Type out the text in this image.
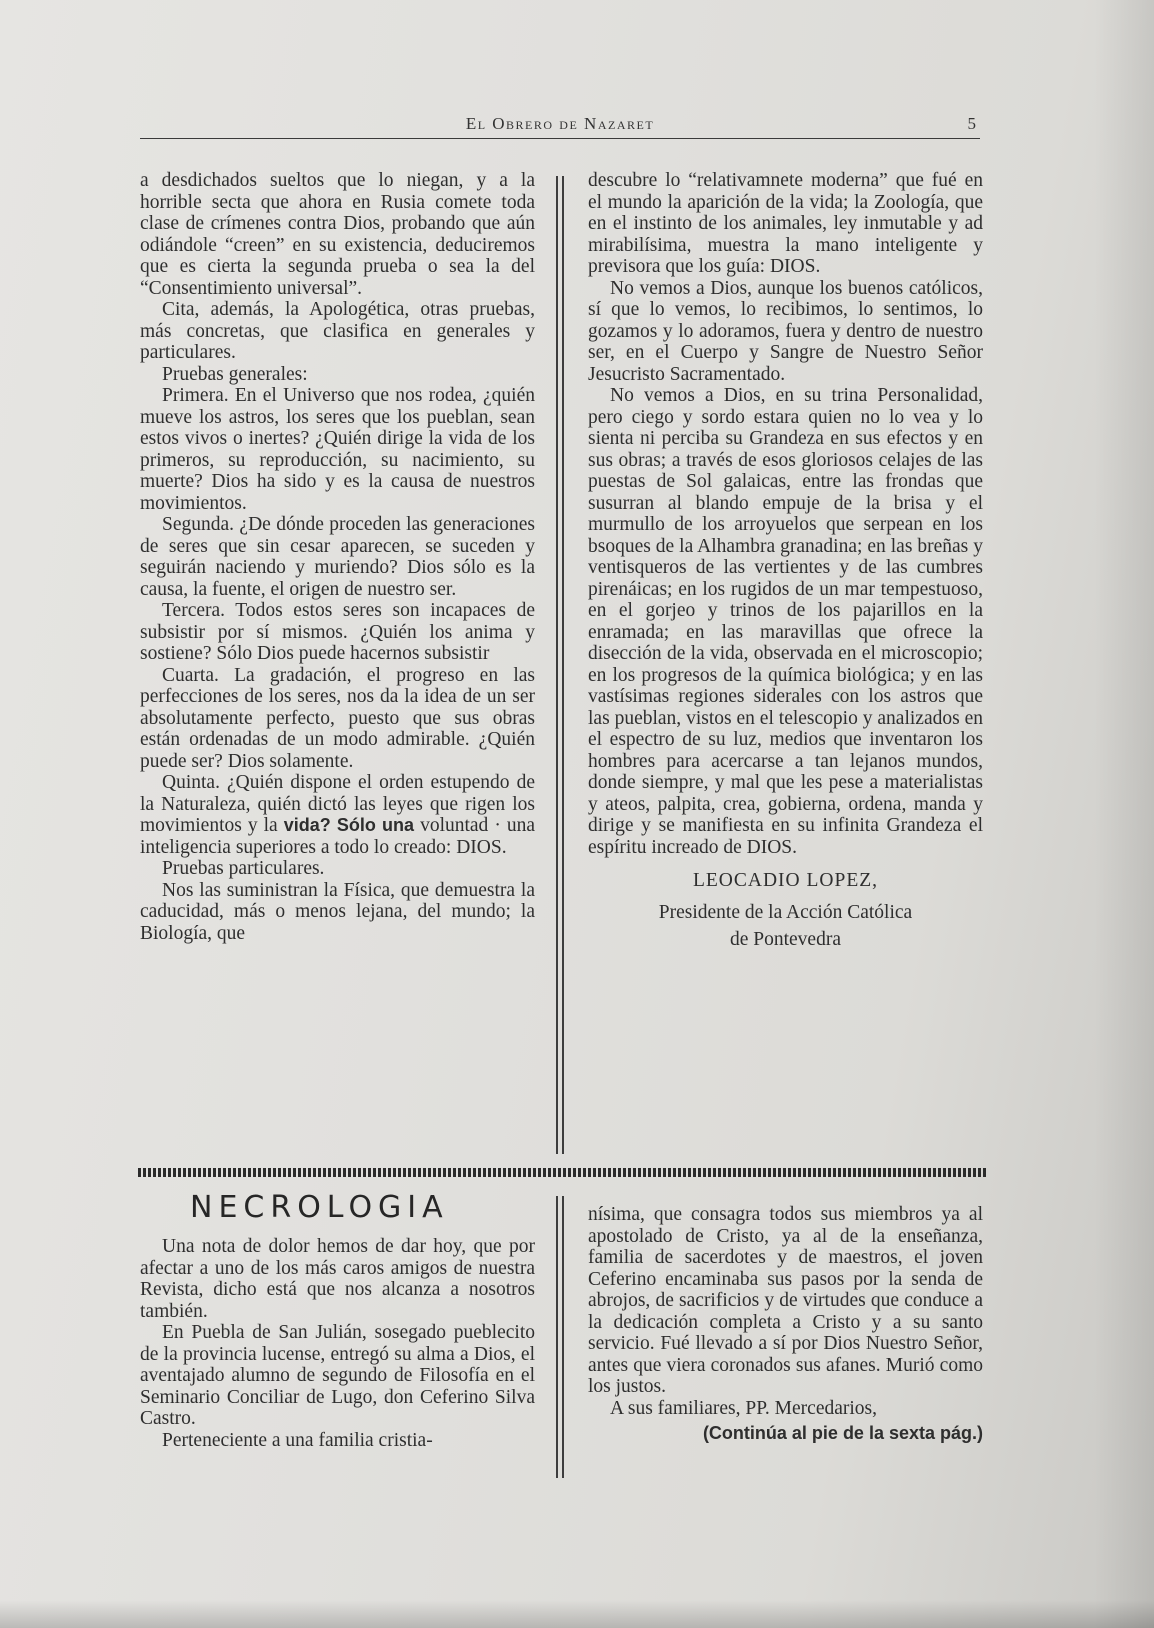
El Obrero de Nazaret	5

a desdichados sueltos que lo niegan, y a la horrible secta que ahora en Rusia comete toda clase de crímenes contra Dios, probando que aún odiándole “creen” en su existencia, deduciremos que es cierta la segunda prueba o sea la del “Consentimiento universal”.

Cita, además, la Apologética, otras pruebas, más concretas, que clasifica en generales y particulares.

Pruebas generales:

Primera. En el Universo que nos rodea, ¿quién mueve los astros, los seres que los pueblan, sean estos vivos o inertes? ¿Quién dirige la vida de los primeros, su reproducción, su nacimiento, su muerte? Dios ha sido y es la causa de nuestros movimientos.

Segunda. ¿De dónde proceden las generaciones de seres que sin cesar aparecen, se suceden y seguirán naciendo y muriendo? Dios sólo es la causa, la fuente, el origen de nuestro ser.

Tercera. Todos estos seres son incapaces de subsistir por sí mismos. ¿Quién los anima y sostiene? Sólo Dios puede hacernos subsistir

Cuarta. La gradación, el progreso en las perfecciones de los seres, nos da la idea de un ser absolutamente perfecto, puesto que sus obras están ordenadas de un modo admirable. ¿Quién puede ser? Dios solamente.

Quinta. ¿Quién dispone el orden estupendo de la Naturaleza, quién dictó las leyes que rigen los movimientos y la vida? Sólo una voluntad · una inteligencia superiores a todo lo creado: DIOS.

Pruebas particulares.

Nos las suministran la Física, que demuestra la caducidad, más o menos lejana, del mundo; la Biología, que

descubre lo “relativamnete moderna” que fué en el mundo la aparición de la vida; la Zoología, que en el instinto de los animales, ley inmutable y ad mirabilísima, muestra la mano inteligente y previsora que los guía: DIOS.

No vemos a Dios, aunque los buenos católicos, sí que lo vemos, lo recibimos, lo sentimos, lo gozamos y lo adoramos, fuera y dentro de nuestro ser, en el Cuerpo y Sangre de Nuestro Señor Jesucristo Sacramentado.

No vemos a Dios, en su trina Personalidad, pero ciego y sordo estara quien no lo vea y lo sienta ni perciba su Grandeza en sus efectos y en sus obras; a través de esos gloriosos celajes de las puestas de Sol galaicas, entre las frondas que susurran al blando empuje de la brisa y el murmullo de los arroyuelos que serpean en los bsoques de la Alhambra granadina; en las breñas y ventisqueros de las vertientes y de las cumbres pirenáicas; en los rugidos de un mar tempestuoso, en el gorjeo y trinos de los pajarillos en la enramada; en las maravillas que ofrece la disección de la vida, observada en el microscopio; en los progresos de la química biológica; y en las vastísimas regiones siderales con los astros que las pueblan, vistos en el telescopio y analizados en el espectro de su luz, medios que inventaron los hombres para acercarse a tan lejanos mundos, donde siempre, y mal que les pese a materialistas y ateos, palpita, crea, gobierna, ordena, manda y dirige y se manifiesta en su infinita Grandeza el espíritu increado de DIOS.

LEOCADIO LOPEZ,
Presidente de la Acción Católica
de Pontevedra
NECROLOGIA

Una nota de dolor hemos de dar hoy, que por afectar a uno de los más caros amigos de nuestra Revista, dicho está que nos alcanza a nosotros también.

En Puebla de San Julián, sosegado pueblecito de la provincia lucense, entregó su alma a Dios, el aventajado alumno de segundo de Filosofía en el Seminario Conciliar de Lugo, don Ceferino Silva Castro.

Perteneciente a una familia cristia-

nísima, que consagra todos sus miembros ya al apostolado de Cristo, ya al de la enseñanza, familia de sacerdotes y de maestros, el joven Ceferino encaminaba sus pasos por la senda de abrojos, de sacrificios y de virtudes que conduce a la dedicación completa a Cristo y a su santo servicio. Fué llevado a sí por Dios Nuestro Señor, antes que viera coronados sus afanes. Murió como los justos.

A sus familiares, PP. Mercedarios,

(Continúa al pie de la sexta pág.)
